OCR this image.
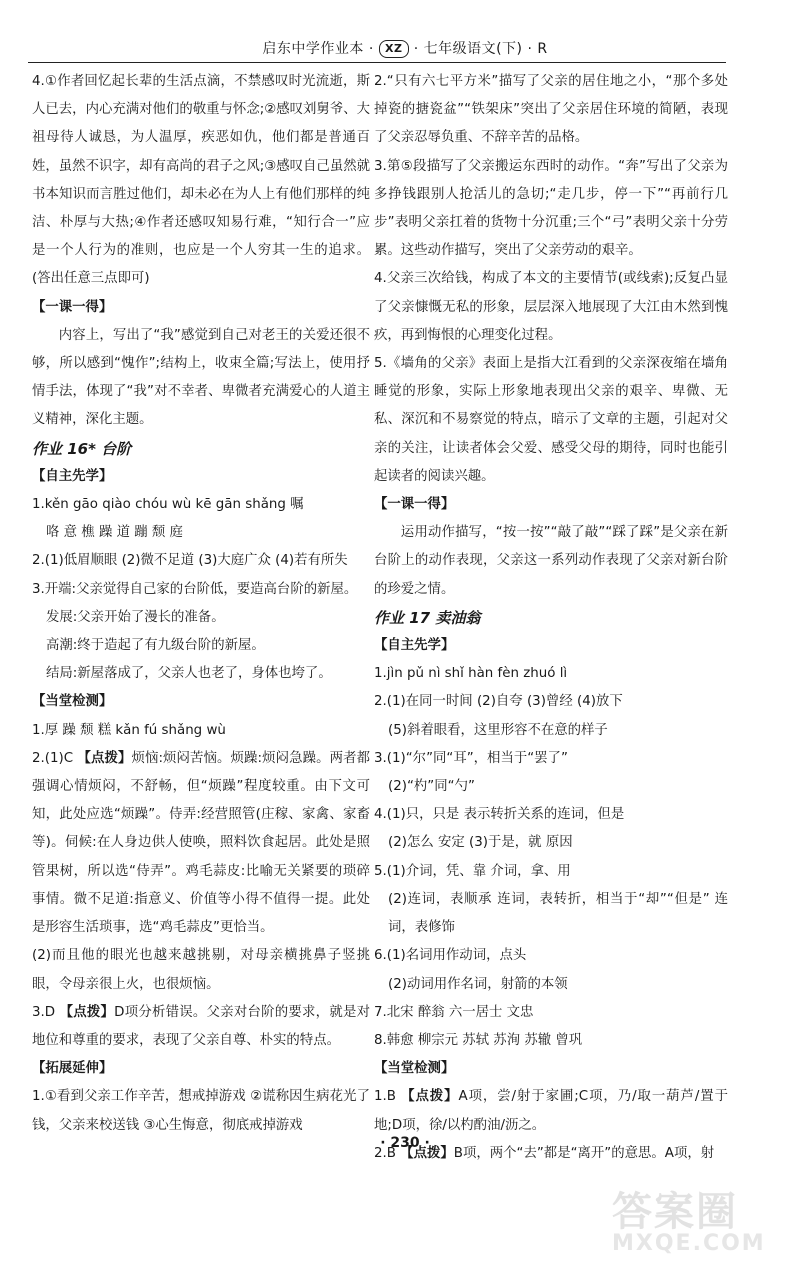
启东中学作业本 · XZ · 七年级语文(下) · R

4.①作者回忆起长辈的生活点滴，不禁感叹时光流逝，斯人已去，内心充满对他们的敬重与怀念;②感叹刘舅爷、大祖母待人诚恳，为人温厚，疾恶如仇，他们都是普通百姓，虽然不识字，却有高尚的君子之风;③感叹自己虽然就书本知识而言胜过他们，却未必在为人上有他们那样的纯洁、朴厚与大热;④作者还感叹知易行难，“知行合一”应是一个人行为的准则，也应是一个人穷其一生的追求。(答出任意三点即可)

【一课一得】

内容上，写出了“我”感觉到自己对老王的关爱还很不够，所以感到“愧作”;结构上，收束全篇;写法上，使用抒情手法，体现了“我”对不幸者、卑微者充满爱心的人道主义精神，深化主题。

作业 16* 台阶

【自主先学】

1.kěn gāo qiào chóu wù kē gān shǎng 嘱

咯 意 樵 躁 道 蹦 颓 庭

2.(1)低眉顺眼 (2)微不足道 (3)大庭广众 (4)若有所失

3.开端:父亲觉得自己家的台阶低，要造高台阶的新屋。

发展:父亲开始了漫长的准备。

高潮:终于造起了有九级台阶的新屋。

结局:新屋落成了，父亲人也老了，身体也垮了。

【当堂检测】

1.厚 躁 颓 糕 kǎn fú shǎng wù

2.(1)C 【点拨】烦恼:烦闷苦恼。烦躁:烦闷急躁。两者都强调心情烦闷，不舒畅，但“烦躁”程度较重。由下文可知，此处应选“烦躁”。侍弄:经营照管(庄稼、家禽、家畜等)。伺候:在人身边供人使唤，照料饮食起居。此处是照管果树，所以选“侍弄”。鸡毛蒜皮:比喻无关紧要的琐碎事情。微不足道:指意义、价值等小得不值得一提。此处是形容生活琐事，选“鸡毛蒜皮”更恰当。

(2)而且他的眼光也越来越挑剔，对母亲横挑鼻子竖挑眼，令母亲很上火，也很烦恼。

3.D 【点拨】D项分析错误。父亲对台阶的要求，就是对地位和尊重的要求，表现了父亲自尊、朴实的特点。

【拓展延伸】

1.①看到父亲工作辛苦，想戒掉游戏 ②谎称因生病花光了钱，父亲来校送钱 ③心生悔意，彻底戒掉游戏

2.“只有六七平方米”描写了父亲的居住地之小，“那个多处掉瓷的搪瓷盆”“铁架床”突出了父亲居住环境的简陋，表现了父亲忍辱负重、不辞辛苦的品格。

3.第⑤段描写了父亲搬运东西时的动作。“奔”写出了父亲为多挣钱跟别人抢活儿的急切;“走几步，停一下”“再前行几步”表明父亲扛着的货物十分沉重;三个“弓”表明父亲十分劳累。这些动作描写，突出了父亲劳动的艰辛。

4.父亲三次给钱，构成了本文的主要情节(或线索);反复凸显了父亲慷慨无私的形象，层层深入地展现了大江由木然到愧疚，再到悔恨的心理变化过程。

5.《墙角的父亲》表面上是指大江看到的父亲深夜缩在墙角睡觉的形象，实际上形象地表现出父亲的艰辛、卑微、无私、深沉和不易察觉的特点，暗示了文章的主题，引起对父亲的关注，让读者体会父爱、感受父母的期待，同时也能引起读者的阅读兴趣。

【一课一得】

运用动作描写，“按一按”“敲了敲”“踩了踩”是父亲在新台阶上的动作表现，父亲这一系列动作表现了父亲对新台阶的珍爱之情。

作业 17 卖油翁

【自主先学】

1.jìn pǔ nì shǐ hàn fèn zhuó lì

2.(1)在同一时间 (2)自夸 (3)曾经 (4)放下

(5)斜着眼看，这里形容不在意的样子

3.(1)“尔”同“耳”，相当于“罢了”

(2)“杓”同“勺”

4.(1)只，只是 表示转折关系的连词，但是

(2)怎么 安定 (3)于是，就 原因

5.(1)介词，凭、靠 介词，拿、用

(2)连词，表顺承 连词，表转折，相当于“却”“但是” 连词，表修饰

6.(1)名词用作动词，点头

(2)动词用作名词，射箭的本领

7.北宋 醉翁 六一居士 文忠

8.韩愈 柳宗元 苏轼 苏洵 苏辙 曾巩

【当堂检测】

1.B 【点拨】A项，尝/射于家圃;C项，乃/取一葫芦/置于地;D项，徐/以杓酌油/沥之。

2.B 【点拨】B项，两个“去”都是“离开”的意思。A项，射

· 230 ·
答案圈
MXQE.COM
